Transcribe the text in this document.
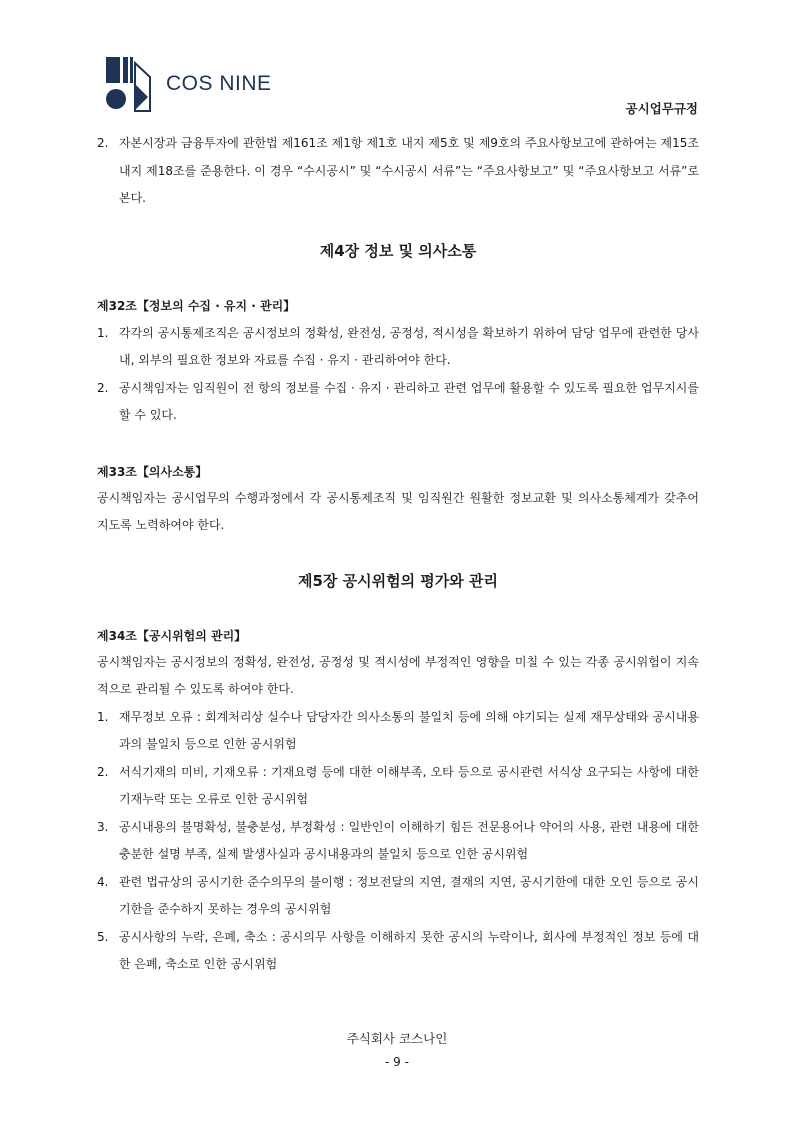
COS NINE
공시업무규정
2. 자본시장과 금융투자에 관한법 제161조 제1항 제1호 내지 제5호 및 제9호의 주요사항보고에 관하여는 제15조 내지 제18조를 준용한다. 이 경우 “수시공시” 및 “수시공시 서류”는 “주요사항보고” 및 “주요사항보고 서류”로 본다.
제4장 정보 및 의사소통
제32조【정보의 수집 · 유지 · 관리】
1. 각각의 공시통제조직은 공시정보의 정확성, 완전성, 공정성, 적시성을 확보하기 위하여 담당 업무에 관련한 당사 내, 외부의 필요한 정보와 자료를 수집 · 유지 · 관리하여야 한다.
2. 공시책임자는 임직원이 전 항의 정보를 수집 · 유지 · 관리하고 관련 업무에 활용할 수 있도록 필요한 업무지시를 할 수 있다.
제33조【의사소통】

공시책임자는 공시업무의 수행과정에서 각 공시통제조직 및 임직원간 원활한 정보교환 및 의사소통체계가 갖추어 지도록 노력하여야 한다.

제5장 공시위험의 평가와 관리
제34조【공시위험의 관리】

공시책임자는 공시정보의 정확성, 완전성, 공정성 및 적시성에 부정적인 영향을 미칠 수 있는 각종 공시위험이 지속적으로 관리될 수 있도록 하여야 한다.

1. 재무정보 오류 : 회계처리상 실수나 담당자간 의사소통의 불일치 등에 의해 야기되는 실제 재무상태와 공시내용과의 불일치 등으로 인한 공시위험
2. 서식기재의 미비, 기재오류 : 기재요령 등에 대한 이해부족, 오타 등으로 공시관련 서식상 요구되는 사항에 대한 기재누락 또는 오류로 인한 공시위험
3. 공시내용의 불명확성, 불충분성, 부정확성 : 일반인이 이해하기 힘든 전문용어나 약어의 사용, 관련 내용에 대한 충분한 설명 부족, 실제 발생사실과 공시내용과의 불일치 등으로 인한 공시위험
4. 관련 법규상의 공시기한 준수의무의 불이행 : 정보전달의 지연, 결재의 지연, 공시기한에 대한 오인 등으로 공시기한을 준수하지 못하는 경우의 공시위험
5. 공시사항의 누락, 은폐, 축소 : 공시의무 사항을 이해하지 못한 공시의 누락이나, 회사에 부정적인 정보 등에 대한 은폐, 축소로 인한 공시위험
주식회사 코스나인
- 9 -
